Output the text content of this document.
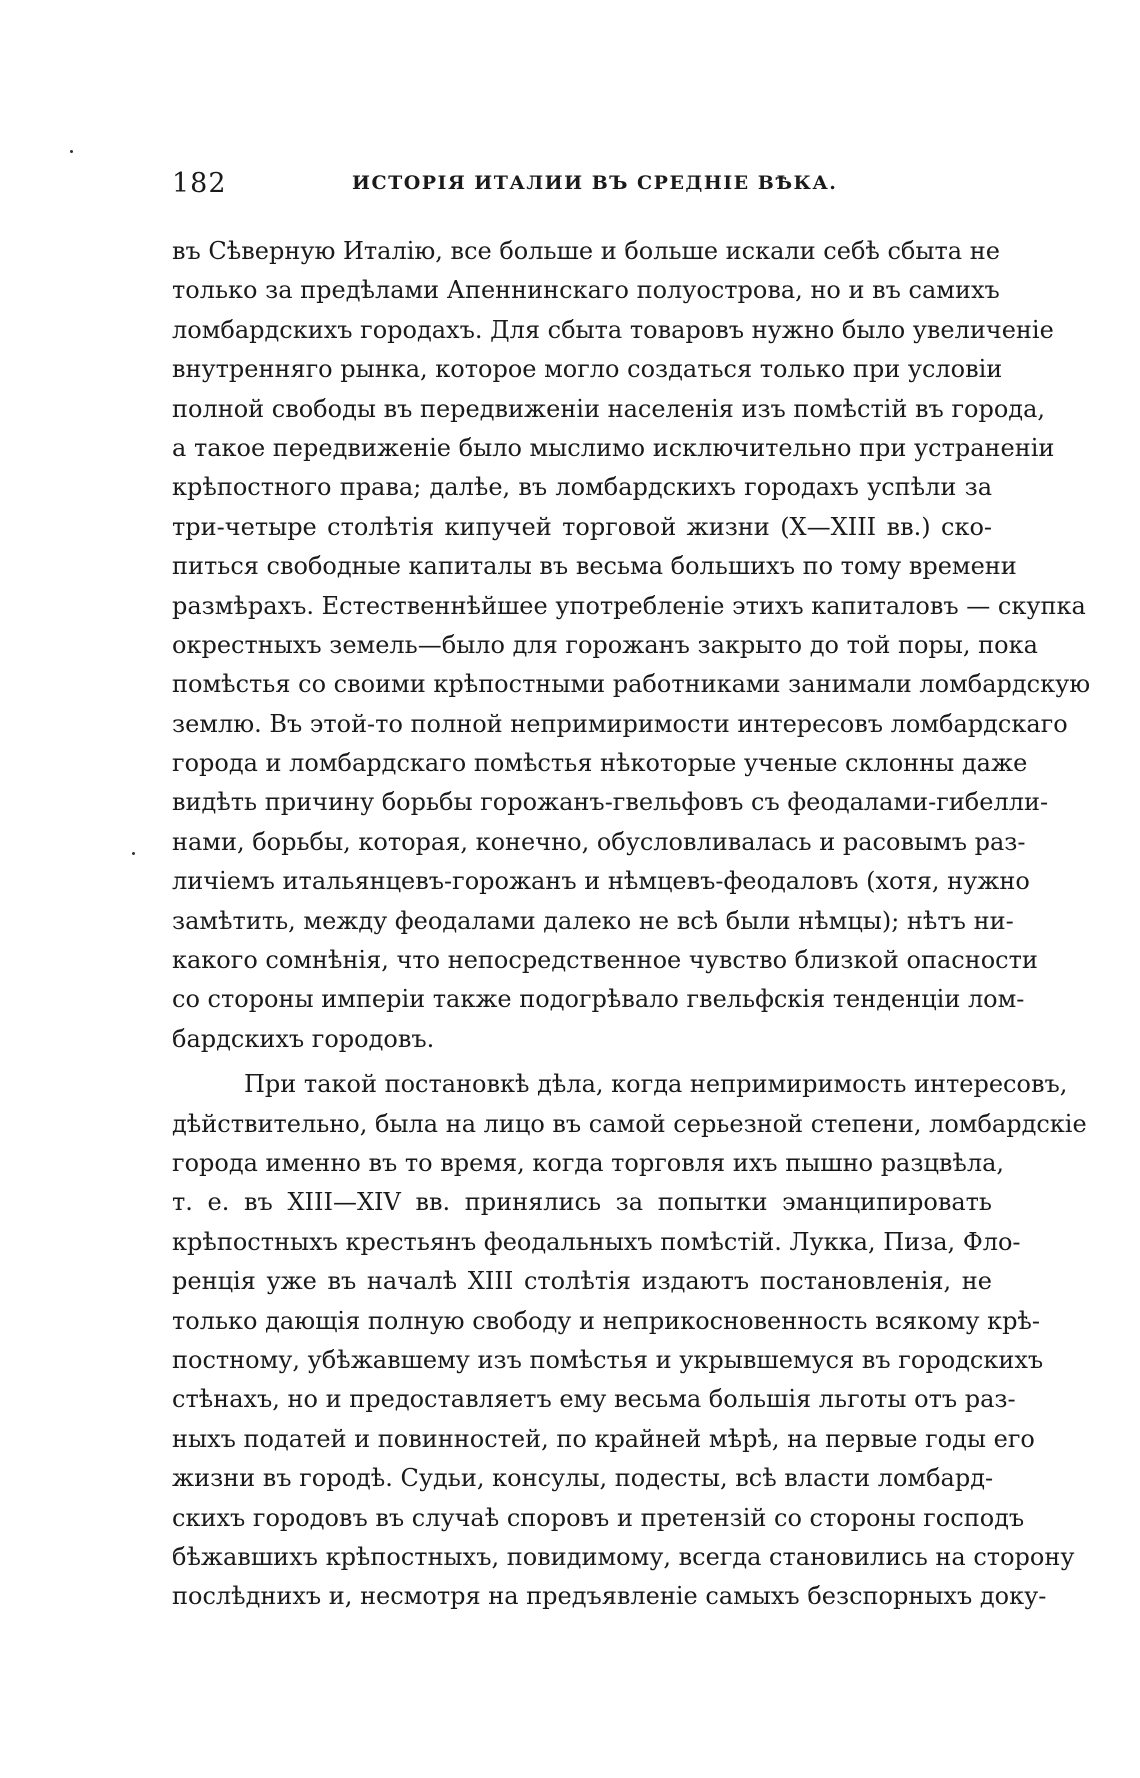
182	ИСТОРІЯ ИТАЛИИ ВЪ СРЕДНІЕ ВѢКА.
въ Сѣверную Италію, все больше и больше искали себѣ сбыта не
только за предѣлами Апеннинскаго полуострова, но и въ самихъ
ломбардскихъ городахъ. Для сбыта товаровъ нужно было увеличеніе
внутренняго рынка, которое могло создаться только при условіи
полной свободы въ передвиженіи населенія изъ помѣстій въ города,
а такое передвиженіе было мыслимо исключительно при устраненіи
крѣпостного права; далѣе, въ ломбардскихъ городахъ успѣли за
три-четыре столѣтія кипучей торговой жизни (X—XIII вв.) ско-
питься свободные капиталы въ весьма большихъ по тому времени
размѣрахъ. Естественнѣйшее употребленіе этихъ капиталовъ — скупка
окрестныхъ земель—было для горожанъ закрыто до той поры, пока
помѣстья со своими крѣпостными работниками занимали ломбардскую
землю. Въ этой-то полной непримиримости интересовъ ломбардскаго
города и ломбардскаго помѣстья нѣкоторые ученые склонны даже
видѣть причину борьбы горожанъ-гвельфовъ съ феодалами-гибелли-
нами, борьбы, которая, конечно, обусловливалась и расовымъ раз-
личіемъ итальянцевъ-горожанъ и нѣмцевъ-феодаловъ (хотя, нужно
замѣтить, между феодалами далеко не всѣ были нѣмцы); нѣтъ ни-
какого сомнѣнія, что непосредственное чувство близкой опасности
со стороны имперіи также подогрѣвало гвельфскія тенденціи лом-
бардскихъ городовъ.
При такой постановкѣ дѣла, когда непримиримость интересовъ,
дѣйствительно, была на лицо въ самой серьезной степени, ломбардскіе
города именно въ то время, когда торговля ихъ пышно разцвѣла,
т. е. въ XIII—XIV вв. принялись за попытки эманципировать
крѣпостныхъ крестьянъ феодальныхъ помѣстій. Лукка, Пиза, Фло-
ренція уже въ началѣ XIII столѣтія издаютъ постановленія, не
только дающія полную свободу и неприкосновенность всякому крѣ-
постному, убѣжавшему изъ помѣстья и укрывшемуся въ городскихъ
стѣнахъ, но и предоставляетъ ему весьма большія льготы отъ раз-
ныхъ податей и повинностей, по крайней мѣрѣ, на первые годы его
жизни въ городѣ. Судьи, консулы, подесты, всѣ власти ломбард-
скихъ городовъ въ случаѣ споровъ и претензій со стороны господъ
бѣжавшихъ крѣпостныхъ, повидимому, всегда становились на сторону
послѣднихъ и, несмотря на предъявленіе самыхъ безспорныхъ доку-
